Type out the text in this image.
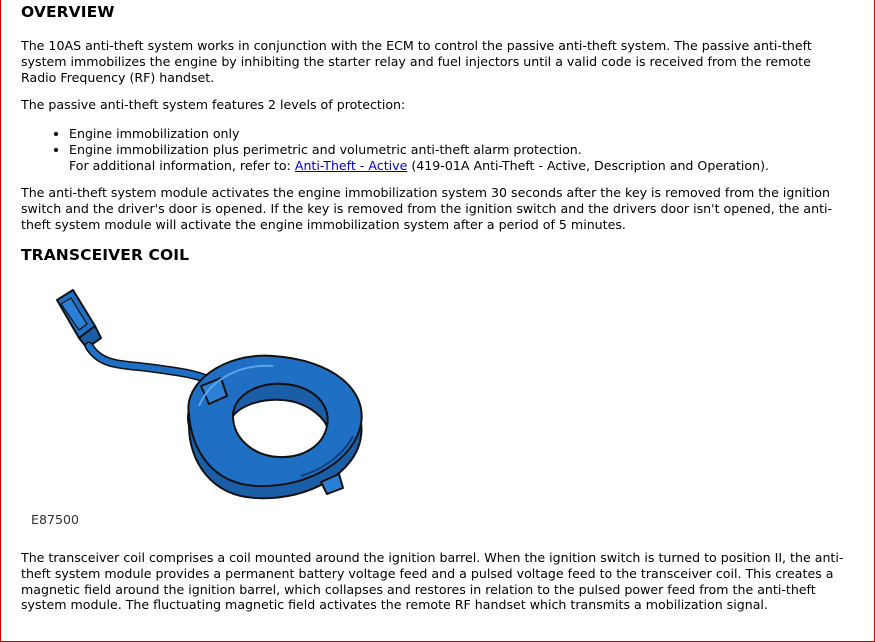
OVERVIEW

The 10AS anti-theft system works in conjunction with the ECM to control the passive anti-theft system. The passive anti-theft system immobilizes the engine by inhibiting the starter relay and fuel injectors until a valid code is received from the remote Radio Frequency (RF) handset.

The passive anti-theft system features 2 levels of protection:

• Engine immobilization only
• Engine immobilization plus perimetric and volumetric anti-theft alarm protection.
For additional information, refer to: Anti-Theft - Active (419-01A Anti-Theft - Active, Description and Operation).

The anti-theft system module activates the engine immobilization system 30 seconds after the key is removed from the ignition switch and the driver's door is opened. If the key is removed from the ignition switch and the drivers door isn't opened, the anti-theft system module will activate the engine immobilization system after a period of 5 minutes.

TRANSCEIVER COIL

The transceiver coil comprises a coil mounted around the ignition barrel. When the ignition switch is turned to position II, the anti-theft system module provides a permanent battery voltage feed and a pulsed voltage feed to the transceiver coil. This creates a magnetic field around the ignition barrel, which collapses and restores in relation to the pulsed power feed from the anti-theft system module. The fluctuating magnetic field activates the remote RF handset which transmits a mobilization signal.

E87500
